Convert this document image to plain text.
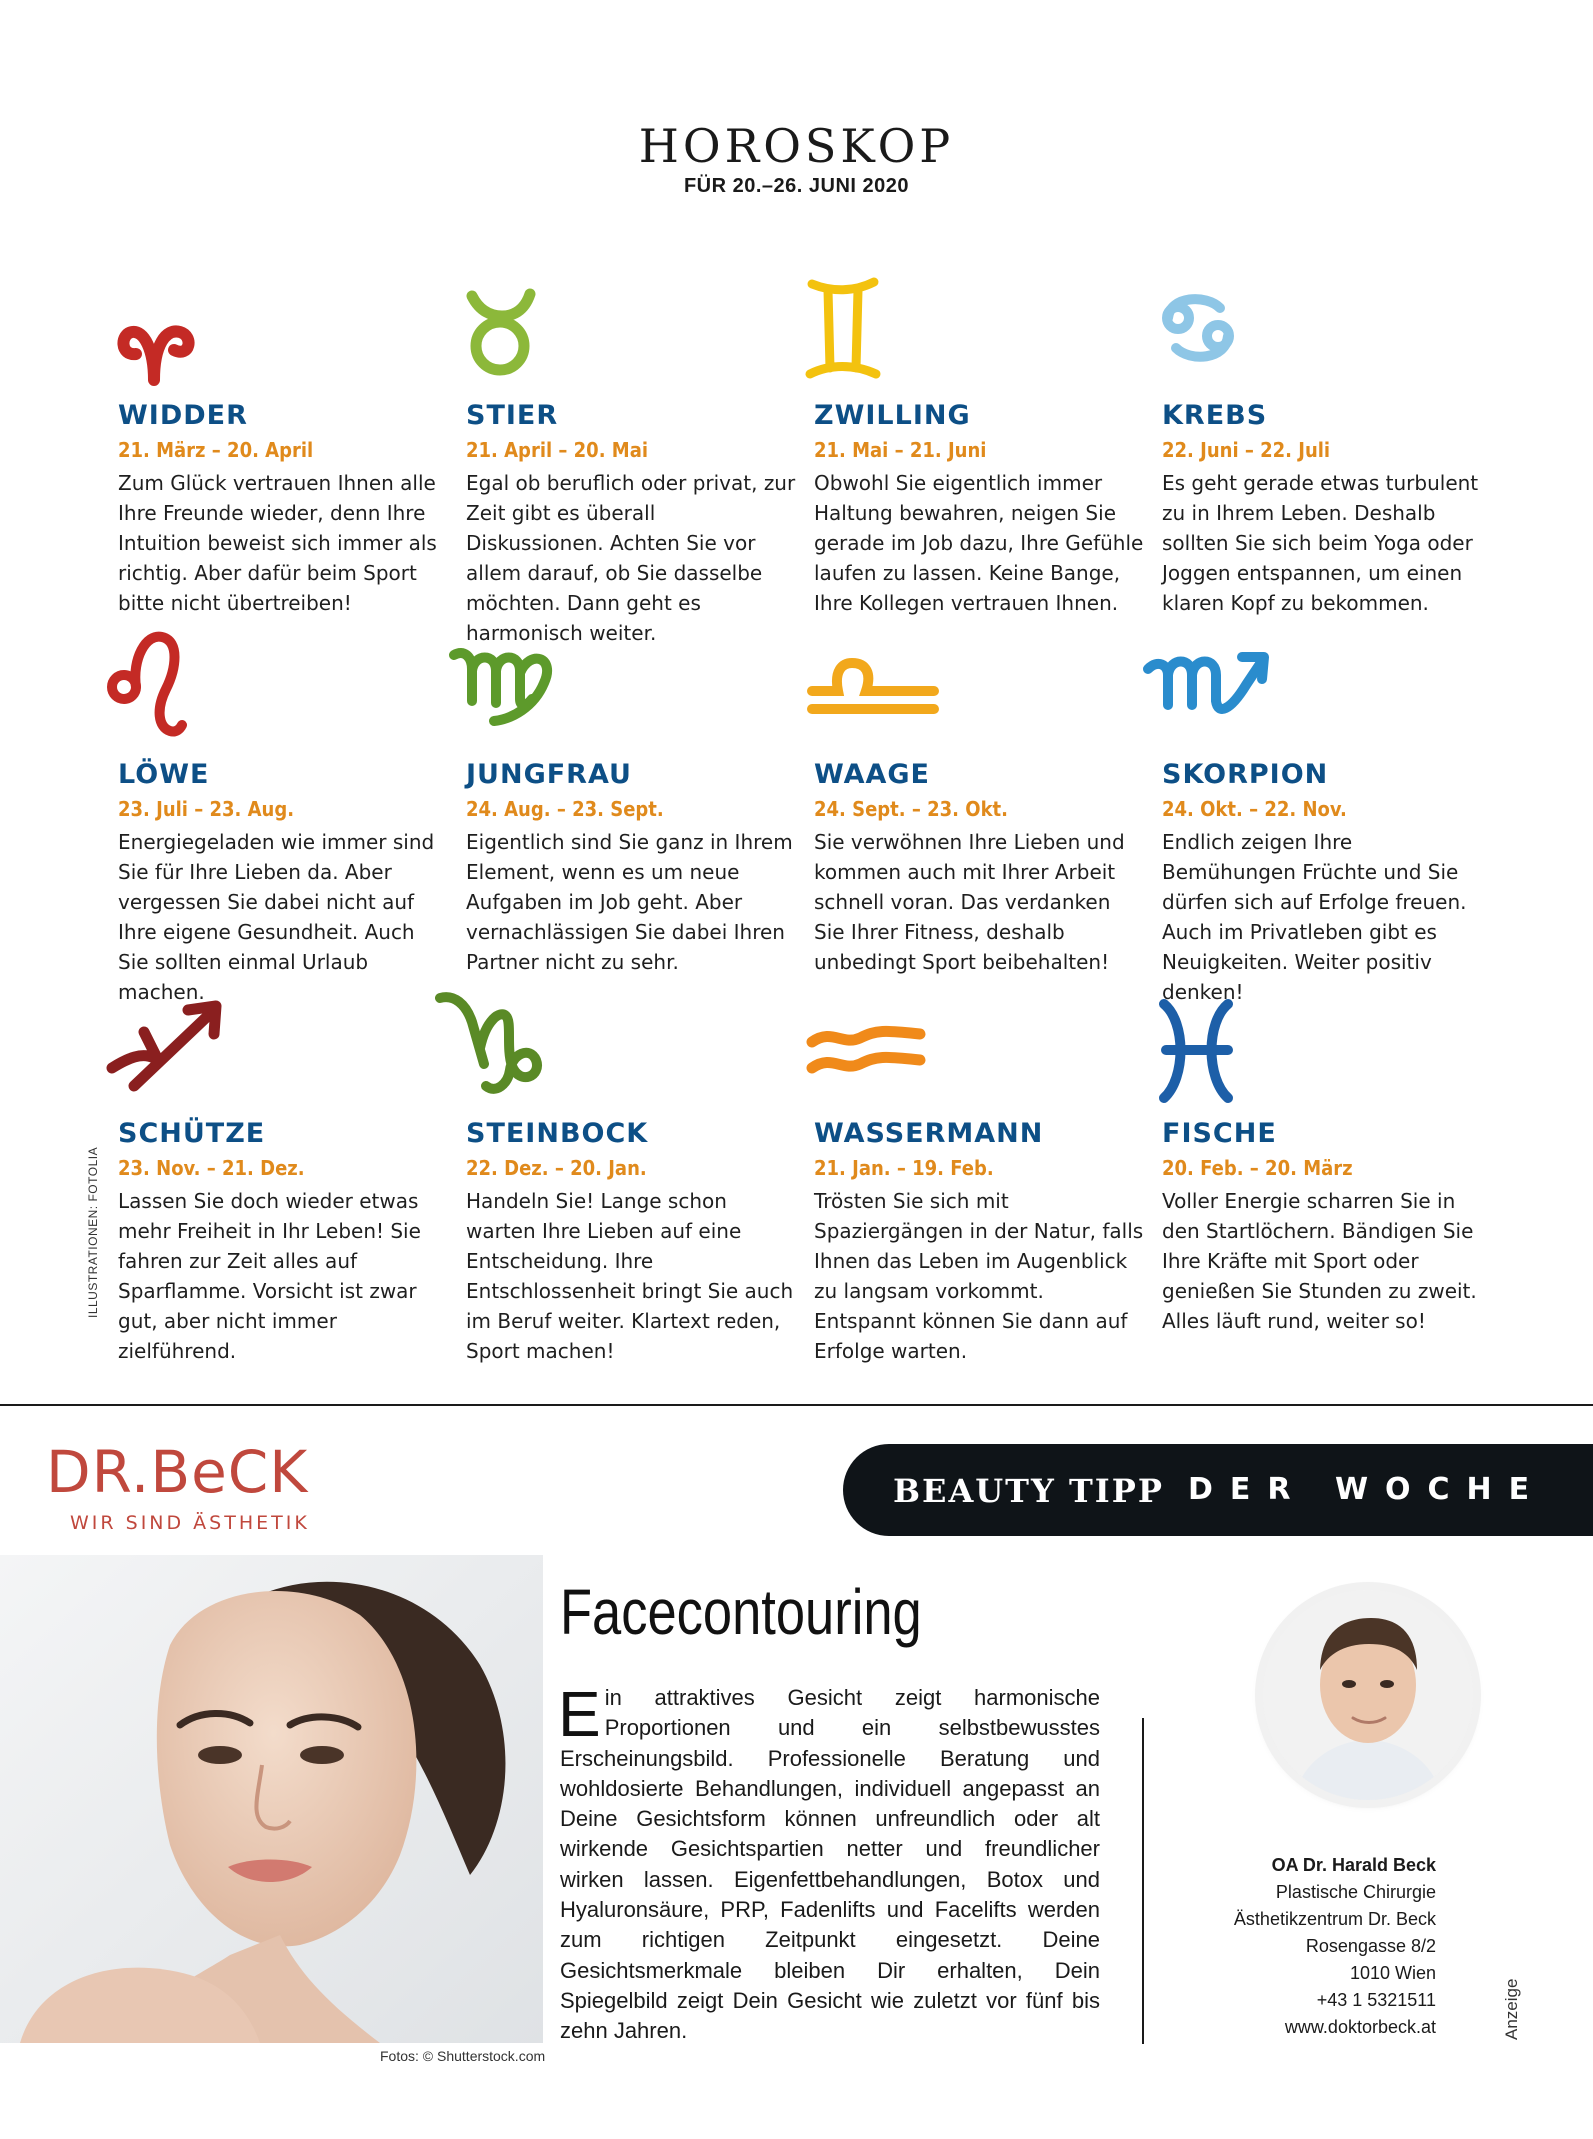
HOROSKOP
FÜR 20.–26. JUNI 2020
WIDDER
21. März – 20. April
Zum Glück vertrauen Ihnen alle Ihre Freunde wieder, denn Ihre Intuition beweist sich immer als richtig. Aber dafür beim Sport bitte nicht übertreiben!
STIER
21. April – 20. Mai
Egal ob beruflich oder privat, zur Zeit gibt es überall Diskussionen. Achten Sie vor allem darauf, ob Sie dasselbe möchten. Dann geht es harmonisch weiter.
ZWILLING
21. Mai – 21. Juni
Obwohl Sie eigentlich immer Haltung bewahren, neigen Sie gerade im Job dazu, Ihre Gefühle laufen zu lassen. Keine Bange, Ihre Kollegen vertrauen Ihnen.
KREBS
22. Juni – 22. Juli
Es geht gerade etwas turbulent zu in Ihrem Leben. Deshalb sollten Sie sich beim Yoga oder Joggen entspannen, um einen klaren Kopf zu bekommen.
LÖWE
23. Juli – 23. Aug.
Energiegeladen wie immer sind Sie für Ihre Lieben da. Aber vergessen Sie dabei nicht auf Ihre eigene Gesundheit. Auch Sie sollten einmal Urlaub machen.
JUNGFRAU
24. Aug. – 23. Sept.
Eigentlich sind Sie ganz in Ihrem Element, wenn es um neue Aufgaben im Job geht. Aber vernachlässigen Sie dabei Ihren Partner nicht zu sehr.
WAAGE
24. Sept. – 23. Okt.
Sie verwöhnen Ihre Lieben und kommen auch mit Ihrer Arbeit schnell voran. Das verdanken Sie Ihrer Fitness, deshalb unbedingt Sport beibehalten!
SKORPION
24. Okt. – 22. Nov.
Endlich zeigen Ihre Bemühungen Früchte und Sie dürfen sich auf Erfolge freuen. Auch im Privatleben gibt es Neuigkeiten. Weiter positiv denken!
SCHÜTZE
23. Nov. – 21. Dez.
Lassen Sie doch wieder etwas mehr Freiheit in Ihr Leben! Sie fahren zur Zeit alles auf Sparflamme. Vorsicht ist zwar gut, aber nicht immer zielführend.
STEINBOCK
22. Dez. – 20. Jan.
Handeln Sie! Lange schon warten Ihre Lieben auf eine Entscheidung. Ihre Entschlossenheit bringt Sie auch im Beruf weiter. Klartext reden, Sport machen!
WASSERMANN
21. Jan. – 19. Feb.
Trösten Sie sich mit Spaziergängen in der Natur, falls Ihnen das Leben im Augenblick zu langsam vorkommt. Entspannt können Sie dann auf Erfolge warten.
FISCHE
20. Feb. – 20. März
Voller Energie scharren Sie in den Startlöchern. Bändigen Sie Ihre Kräfte mit Sport oder genießen Sie Stunden zu zweit. Alles läuft rund, weiter so!
ILLUSTRATIONEN: FOTOLIA
DR.BeCK
WIR SIND ÄSTHETIK
BEAUTY TIPP DER WOCHE
Fotos: © Shutterstock.com
Facecontouring
Ein attraktives Gesicht zeigt harmonische Proportionen und ein selbstbewusstes Erscheinungsbild. Professionelle Beratung und wohldosierte Behandlungen, individuell angepasst an Deine Gesichtsform können unfreundlich oder alt wirkende Gesichtspartien netter und freundlicher wirken lassen. Eigenfettbehandlungen, Botox und Hyaluronsäure, PRP, Fadenlifts und Facelifts werden zum richtigen Zeitpunkt eingesetzt. Deine Gesichtsmerkmale bleiben Dir erhalten, Dein Spiegelbild zeigt Dein Gesicht wie zuletzt vor fünf bis zehn Jahren.
OA Dr. Harald Beck
Plastische Chirurgie
Ästhetikzentrum Dr. Beck
Rosengasse 8/2
1010 Wien
+43 1 5321511
www.doktorbeck.at	Anzeige
